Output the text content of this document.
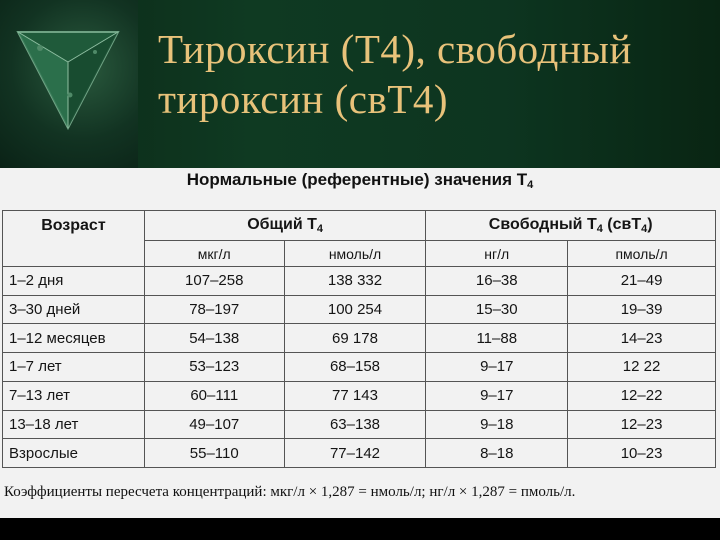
Тироксин (Т4), свободный
тироксин (свТ4)
Нормальные (референтные) значения $Т_4$
Возраст	Общий Т4		Свободный Т4 (свТ4)	
	мкг/л	нмоль/л	нг/л	пмоль/л
1–2 дня	107–258	138 332	16–38	21–49
3–30 дней	78–197	100 254	15–30	19–39
1–12 месяцев	54–138	69 178	11–88	14–23
1–7 лет	53–123	68–158	9–17	12 22
7–13 лет	60–111	77 143	9–17	12–22
13–18 лет	49–107	63–138	9–18	12–23
Взрослые	55–110	77–142	8–18	10–23
Коэффициенты пересчета концентраций: мкг/л × 1,287 = нмоль/л; нг/л × 1,287 = пмоль/л.
